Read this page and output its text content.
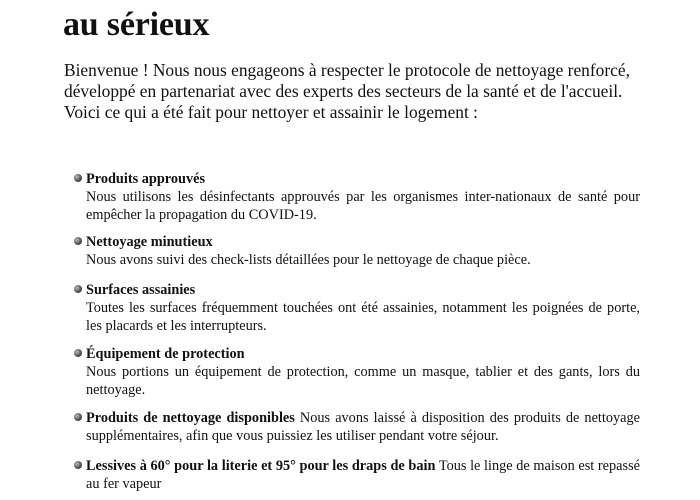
au sérieux
Bienvenue ! Nous nous engageons à respecter le protocole de nettoyage renforcé,
développé en partenariat avec des experts des secteurs de la santé et de l'accueil.
Voici ce qui a été fait pour nettoyer et assainir le logement :
Produits approuvés
Nous utilisons les désinfectants approuvés par les organismes inter-nationaux de santé pour empêcher la propagation du COVID-19.
Nettoyage minutieux
Nous avons suivi des check-lists détaillées pour le nettoyage de chaque pièce.
Surfaces assainies
Toutes les surfaces fréquemment touchées ont été assainies, notamment les poignées de porte, les placards et les interrupteurs.
Équipement de protection
Nous portions un équipement de protection, comme un masque, tablier et des gants, lors du nettoyage.
Produits de nettoyage disponibles Nous avons laissé à disposition des produits de nettoyage supplémentaires, afin que vous puissiez les utiliser pendant votre séjour.
Lessives à 60° pour la literie et 95° pour les draps de bain Tous le linge de maison est repassé au fer vapeur
